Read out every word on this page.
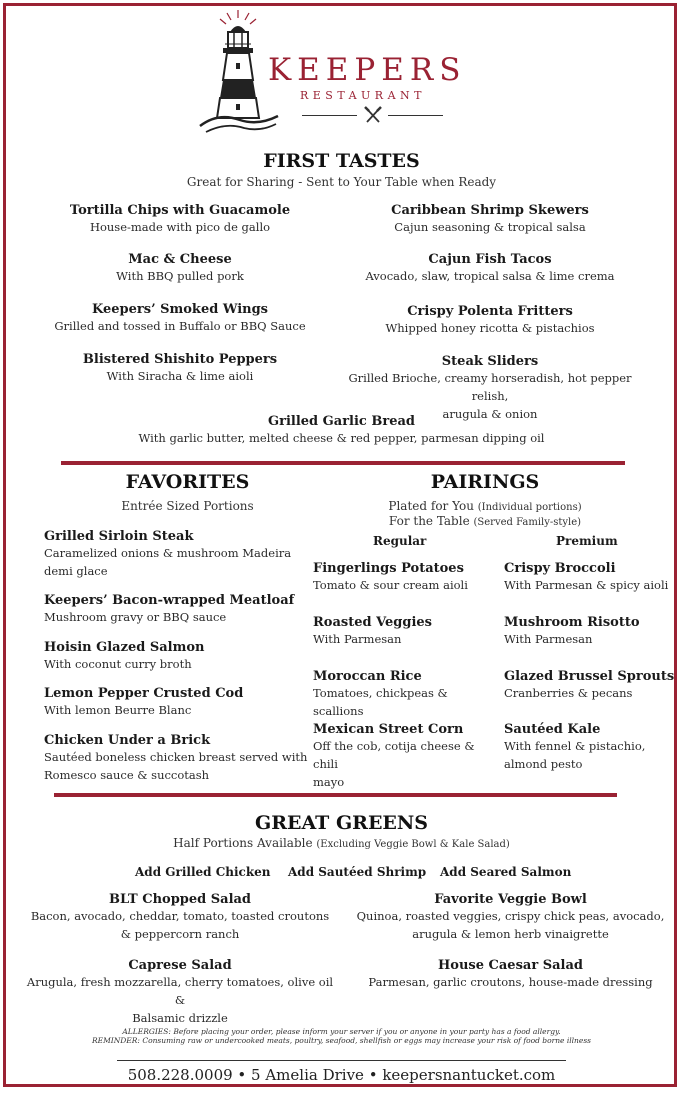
KEEPERS
RESTAURANT
FIRST TASTES
Great for Sharing - Sent to Your Table when Ready
Tortilla Chips with Guacamole
House-made with pico de gallo
Mac & Cheese
With BBQ pulled pork
Keepers’ Smoked Wings
Grilled and tossed in Buffalo or BBQ Sauce
Blistered Shishito Peppers
With Siracha & lime aioli
Caribbean Shrimp Skewers
Cajun seasoning & tropical salsa
Cajun Fish Tacos
Avocado, slaw, tropical salsa & lime crema
Crispy Polenta Fritters
Whipped honey ricotta & pistachios
Steak Sliders
Grilled Brioche, creamy horseradish, hot pepper relish,
arugula & onion
Grilled Garlic Bread
With garlic butter, melted cheese & red pepper, parmesan dipping oil
FAVORITES
Entrée Sized Portions
Grilled Sirloin Steak
Caramelized onions & mushroom Madeira
demi glace
Keepers’ Bacon-wrapped Meatloaf
Mushroom gravy or BBQ sauce
Hoisin Glazed Salmon
With coconut curry broth
Lemon Pepper Crusted Cod
With lemon Beurre Blanc
Chicken Under a Brick
Sautéed boneless chicken breast served with
Romesco sauce & succotash
PAIRINGS
Plated for You (Individual portions)
For the Table (Served Family-style)
Regular	Premium
Fingerlings Potatoes
Tomato & sour cream aioli
Roasted Veggies
With Parmesan
Moroccan Rice
Tomatoes, chickpeas & scallions
Mexican Street Corn
Off the cob, cotija cheese & chili
mayo
Crispy Broccoli
With Parmesan & spicy aioli
Mushroom Risotto
With Parmesan
Glazed Brussel Sprouts
Cranberries & pecans
Sautéed Kale
With fennel & pistachio,
almond pesto
GREAT GREENS
Half Portions Available (Excluding Veggie Bowl & Kale Salad)
Add Grilled Chicken Add Sautéed Shrimp Add Seared Salmon
BLT Chopped Salad
Bacon, avocado, cheddar, tomato, toasted croutons
& peppercorn ranch
Caprese Salad
Arugula, fresh mozzarella, cherry tomatoes, olive oil &
Balsamic drizzle
Favorite Veggie Bowl
Quinoa, roasted veggies, crispy chick peas, avocado,
arugula & lemon herb vinaigrette
House Caesar Salad
Parmesan, garlic croutons, house-made dressing
ALLERGIES: Before placing your order, please inform your server if you or anyone in your party has a food allergy.
REMINDER: Consuming raw or undercooked meats, poultry, seafood, shellfish or eggs may increase your risk of food borne illness
508.228.0009 • 5 Amelia Drive • keepersnantucket.com
